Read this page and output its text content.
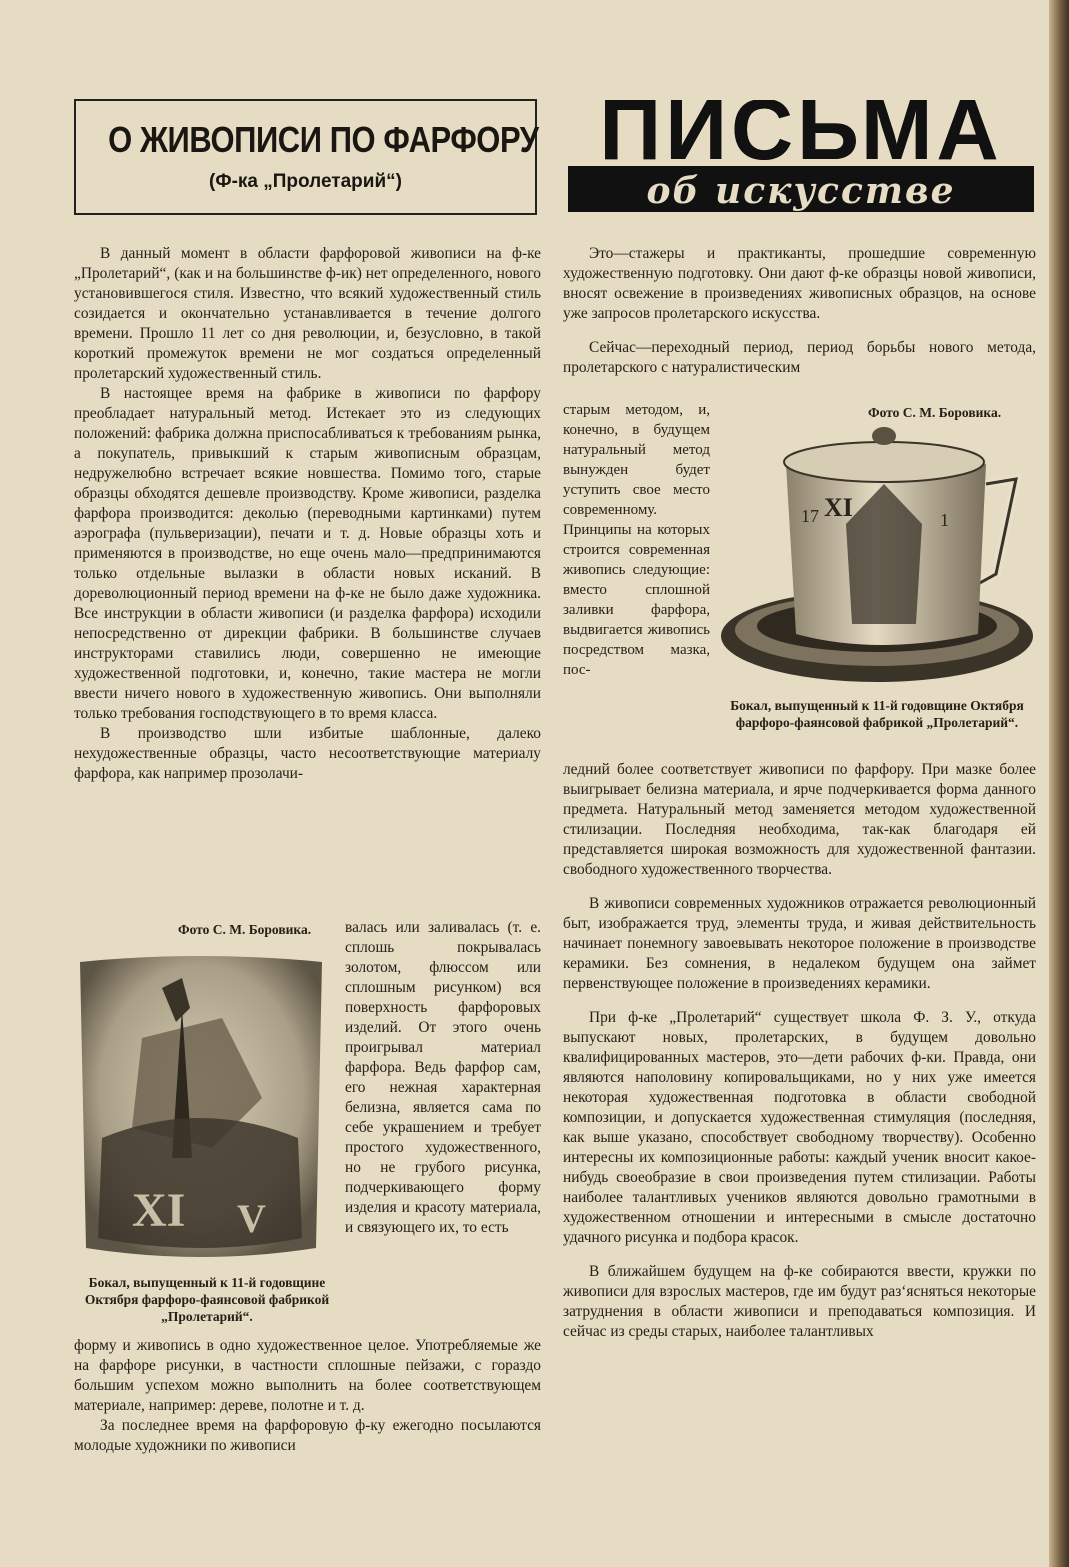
О ЖИВОПИСИ ПО ФАРФОРУ
(Ф-ка „Пролетарий“)
ПИСЬМА
об искусстве

В данный момент в области фарфоровой живописи на ф-ке „Пролетарий“, (как и на большинстве ф-ик) нет определенного, нового установившегося стиля. Известно, что всякий художественный стиль созидается и окончательно устанавливается в течение долгого времени. Прошло 11 лет со дня революции, и, безусловно, в такой короткий промежуток времени не мог создаться определенный пролетарский художественный стиль.

В настоящее время на фабрике в живописи по фарфору преобладает натуральный метод. Истекает это из следующих положений: фабрика должна приспосабливаться к требованиям рынка, а покупатель, привыкший к старым живописным образцам, недружелюбно встречает всякие новшества. Помимо того, старые образцы обходятся дешевле производству. Кроме живописи, разделка фарфора производится: деколью (переводными картинками) путем аэрографа (пульверизации), печати и т. д. Новые образцы хоть и применяются в производстве, но еще очень мало—предпринимаются только отдельные вылазки в области новых исканий. В дореволюционный период времени на ф-ке не было даже художника. Все инструкции в области живописи (и разделка фарфора) исходили непосредственно от дирекции фабрики. В большинстве случаев инструкторами ставились люди, совершенно не имеющие художественной подготовки, и, конечно, такие мастера не могли ввести ничего нового в художественную живопись. Они выполняли только требования господствующего в то время класса.

В производство шли избитые шаблонные, далеко нехудожественные образцы, часто несоответствующие материалу фарфора, как например прозолачи-

Фото С. М. Боровика.
XI V
Бокал, выпущенный к 11-й годовщине Октября фарфоро-фаянсовой фабрикой „Пролетарий“.

валась или заливалась (т. е. сплошь покрывалась золотом, флюссом или сплошным рисунком) вся поверхность фарфоровых изделий. От этого очень проигрывал материал фарфора. Ведь фарфор сам, его нежная характерная белизна, является сама по себе украшением и требует простого художественного, но не грубого рисунка, подчеркивающего форму изделия и красоту материала, и связующего их, то есть

форму и живопись в одно художественное целое. Употребляемые же на фарфоре рисунки, в частности сплошные пейзажи, с гораздо большим успехом можно выполнить на более соответствующем материале, например: дереве, полотне и т. д.

За последнее время на фарфоровую ф-ку ежегодно посылаются молодые художники по живописи

Это—стажеры и практиканты, прошедшие современную художественную подготовку. Они дают ф-ке образцы новой живописи, вносят освежение в произведениях живописных образцов, на основе уже запросов пролетарского искусства.

Сейчас—переходный период, период борьбы нового метода, пролетарского с натуралистическим

старым методом, и, конечно, в будущем натуральный метод вынужден будет уступить свое место современному. Принципы на которых строится современная живопись следующие: вместо сплошной заливки фарфора, выдвигается живопись посредством мазка, пос-

Фото С. М. Боровика.
XI
17	1
Бокал, выпущенный к 11-й годовщине Октября фарфоро-фаянсовой фабрикой „Пролетарий“.

ледний более соответствует живописи по фарфору. При мазке более выигрывает белизна материала, и ярче подчеркивается форма данного предмета. Натуральный метод заменяется методом художественной стилизации. Последняя необходима, так-как благодаря ей представляется широкая возможность для художественной фантазии. свободного художественного творчества.

В живописи современных художников отражается революционный быт, изображается труд, элементы труда, и живая действительность начинает понемногу завоевывать некоторое положение в производстве керамики. Без сомнения, в недалеком будущем она займет первенствующее положение в произведениях керамики.

При ф-ке „Пролетарий“ существует школа Ф. З. У., откуда выпускают новых, пролетарских, в будущем довольно квалифицированных мастеров, это—дети рабочих ф-ки. Правда, они являются наполовину копировальщиками, но у них уже имеется некоторая художественная подготовка в области свободной композиции, и допускается художественная стимуляция (последняя, как выше указано, способствует свободному творчеству). Особенно интересны их композиционные работы: каждый ученик вносит какое-нибудь своеобразие в свои произведения путем стилизации. Работы наиболее талантливых учеников являются довольно грамотными в художественном отношении и интересными в смысле достаточно удачного рисунка и подбора красок.

В ближайшем будущем на ф-ке собираются ввести, кружки по живописи для взрослых мастеров, где им будут раз‘ясняться некоторые затруднения в области живописи и преподаваться композиция. И сейчас из среды старых, наиболее талантливых
